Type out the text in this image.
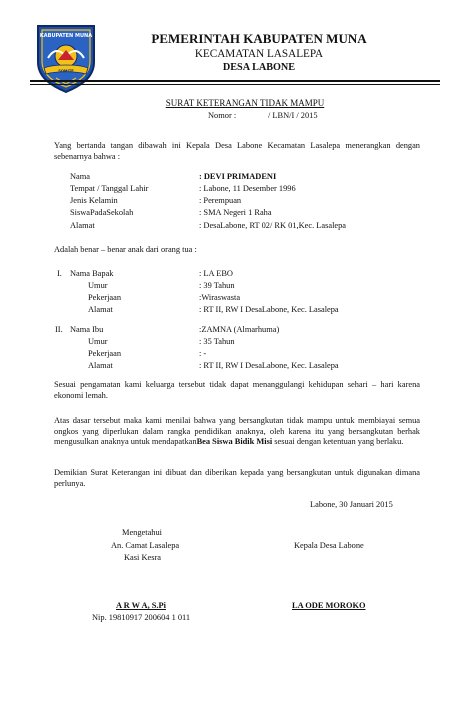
KABUPATEN MUNA
SOMITE
PEMERINTAH KABUPATEN MUNA
KECAMATAN LASALEPA
DESA LABONE
SURAT KETERANGAN TIDAK MAMPU
Nomor :	/ LBN/I / 2015
Yang bertanda tangan dibawah ini Kepala Desa Labone Kecamatan Lasalepa menerangkan dengan sebenarnya bahwa :
Nama	: DEVI PRIMADENI
Tempat / Tanggal Lahir	: Labone, 11 Desember 1996
Jenis Kelamin	: Perempuan
SiswaPadaSekolah	: SMA Negeri 1 Raha
Alamat	: DesaLabone, RT 02/ RK 01,Kec. Lasalepa
Adalah benar – benar anak dari orang tua :
I. Nama Bapak	: LA EBO
Umur	: 39 Tahun
Pekerjaan	:Wiraswasta
Alamat	: RT II, RW I DesaLabone, Kec. Lasalepa
II. Nama Ibu	:ZAMNA (Almarhuma)
Umur	: 35 Tahun
Pekerjaan	: -
Alamat	: RT II, RW I DesaLabone, Kec. Lasalepa
Sesuai pengamatan kami keluarga tersebut tidak dapat menanggulangi kehidupan sehari – hari karena ekonomi lemah.
Atas dasar tersebut maka kami menilai bahwa yang bersangkutan tidak mampu untuk membiayai semua ongkos yang diperlukan dalam rangka pendidikan anaknya, oleh karena itu yang bersangkutan berhak mengusulkan anaknya untuk mendapatkanBea Siswa Bidik Misi sesuai dengan ketentuan yang berlaku.
Demikian Surat Keterangan ini dibuat dan diberikan kepada yang bersangkutan untuk digunakan dimana perlunya.
Labone, 30 Januari 2015
Mengetahui
An. Camat Lasalepa
Kasi Kesra
A R W A, S.Pi
Nip. 19810917 200604 1 011
Kepala Desa Labone
LA ODE MOROKO
